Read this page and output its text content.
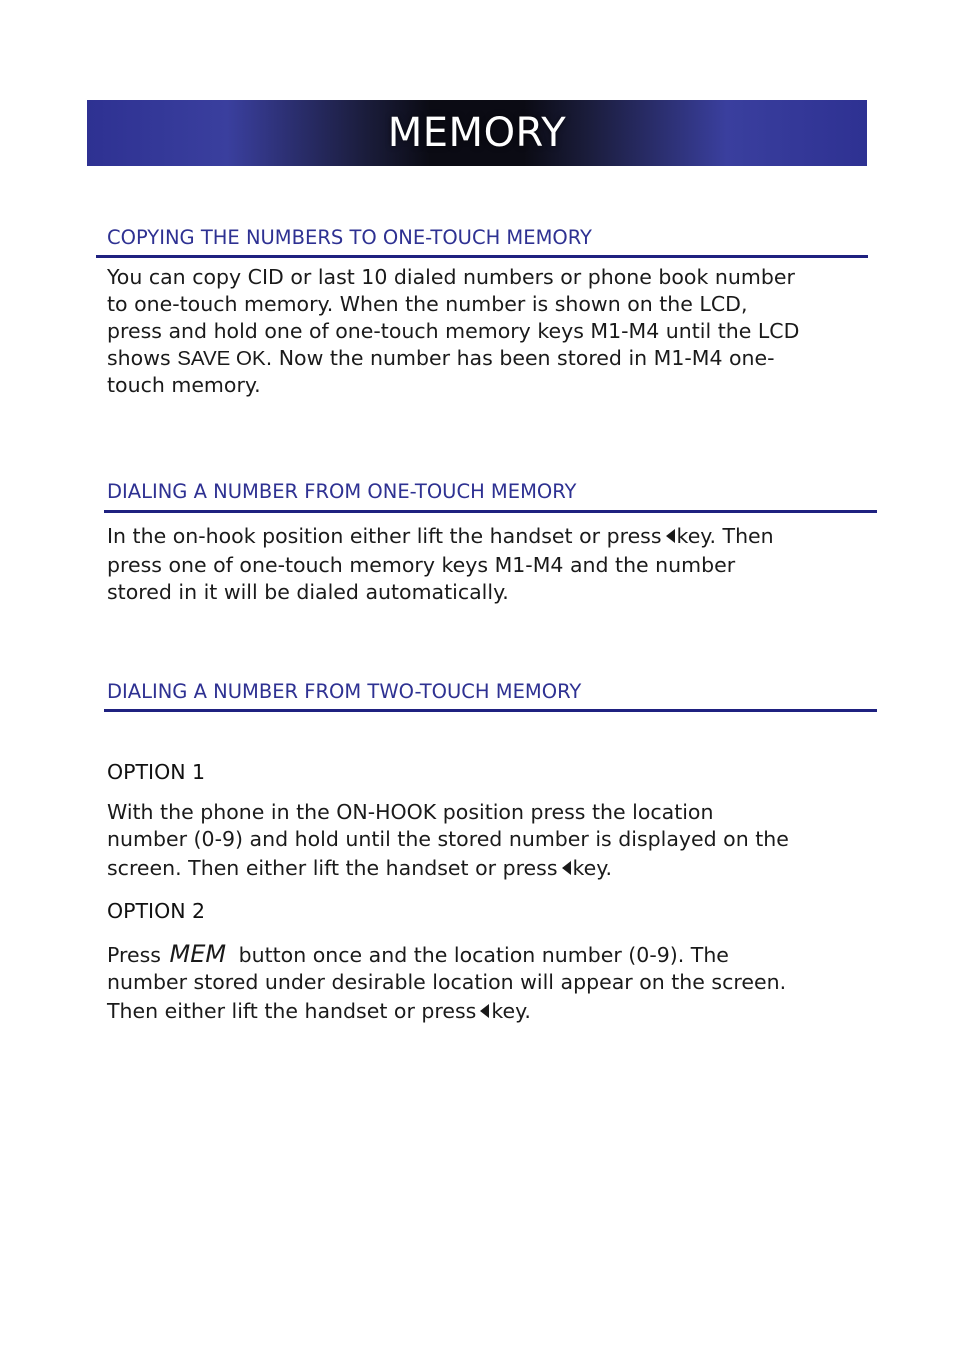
MEMORY
COPYING THE NUMBERS TO ONE-TOUCH MEMORY
You can copy CID or last 10 dialed numbers or phone book number
to one-touch memory. When the number is shown on the LCD,
press and hold one of one-touch memory keys M1-M4 until the LCD
shows SAVE OK. Now the number has been stored in M1-M4 one-
touch memory.
DIALING A NUMBER FROM ONE-TOUCH MEMORY
In the on-hook position either lift the handset or press key. Then
press one of one-touch memory keys M1-M4 and the number
stored in it will be dialed automatically.
DIALING A NUMBER FROM TWO-TOUCH MEMORY
OPTION 1
With the phone in the ON-HOOK position press the location
number (0-9) and hold until the stored number is displayed on the
screen. Then either lift the handset or press key.
OPTION 2
Press MEM button once and the location number (0-9). The
number stored under desirable location will appear on the screen.
Then either lift the handset or press key.
